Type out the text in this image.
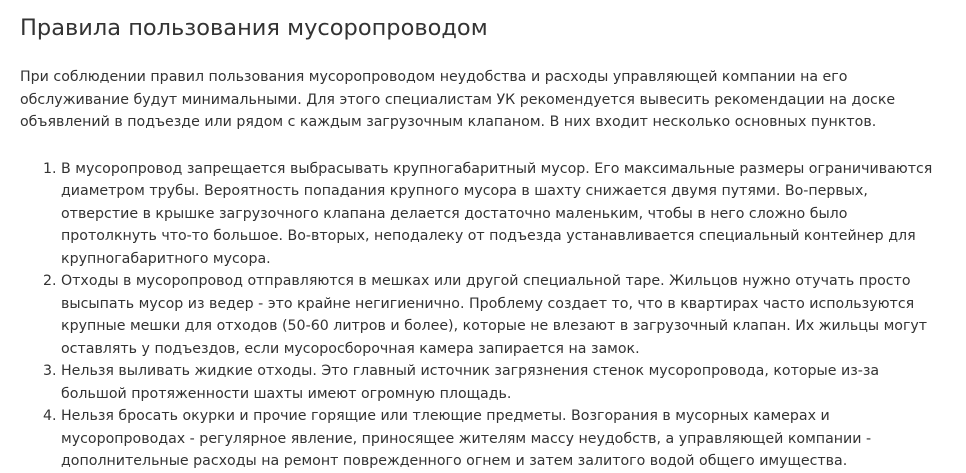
Правила пользования мусоропроводом

При соблюдении правил пользования мусоропроводом неудобства и расходы управляющей компании на его обслуживание будут минимальными. Для этого специалистам УК рекомендуется вывесить рекомендации на доске объявлений в подъезде или рядом с каждым загрузочным клапаном. В них входит несколько основных пунктов.

1. В мусоропровод запрещается выбрасывать крупногабаритный мусор. Его максимальные размеры ограничиваются диаметром трубы. Вероятность попадания крупного мусора в шахту снижается двумя путями. Во-первых, отверстие в крышке загрузочного клапана делается достаточно маленьким, чтобы в него сложно было протолкнуть что-то большое. Во-вторых, неподалеку от подъезда устанавливается специальный контейнер для крупногабаритного мусора.
2. Отходы в мусоропровод отправляются в мешках или другой специальной таре. Жильцов нужно отучать просто высыпать мусор из ведер - это крайне негигиенично. Проблему создает то, что в квартирах часто используются крупные мешки для отходов (50-60 литров и более), которые не влезают в загрузочный клапан. Их жильцы могут оставлять у подъездов, если мусоросборочная камера запирается на замок.
3. Нельзя выливать жидкие отходы. Это главный источник загрязнения стенок мусоропровода, которые из-за большой протяженности шахты имеют огромную площадь.
4. Нельзя бросать окурки и прочие горящие или тлеющие предметы. Возгорания в мусорных камерах и мусоропроводах - регулярное явление, приносящее жителям массу неудобств, а управляющей компании - дополнительные расходы на ремонт поврежденного огнем и затем залитого водой общего имущества.
